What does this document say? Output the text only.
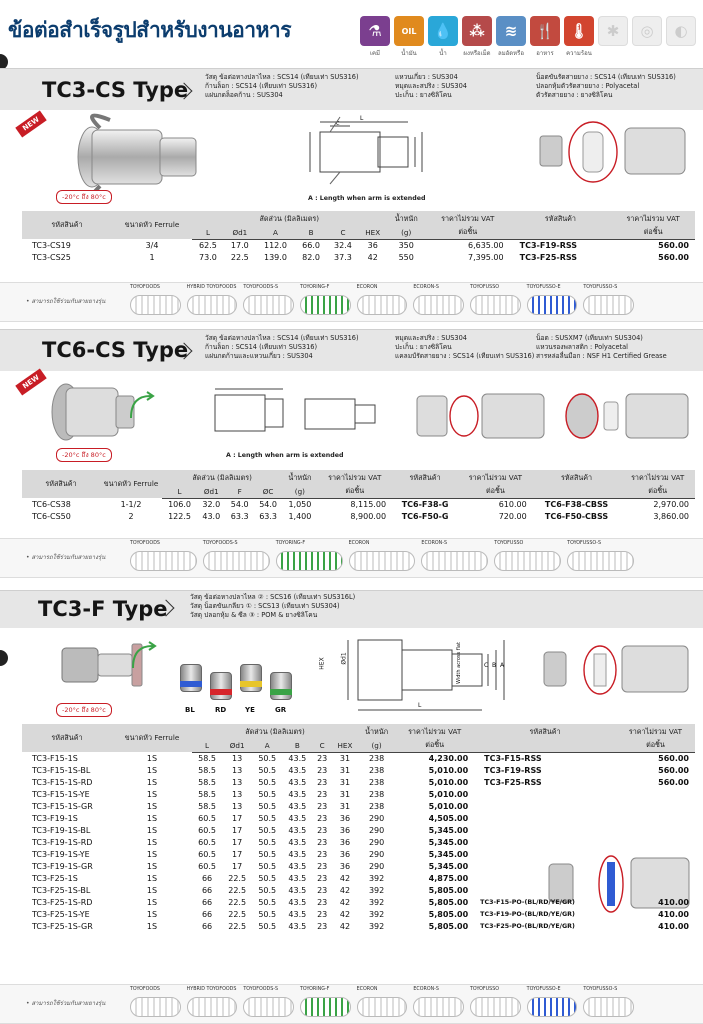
ข้อต่อสำเร็จรูปสำหรับงานอาหาร	⚗
เคมี
OIL
น้ำมัน
💧
น้ำ
⁂
ผงหรือเม็ด
≋
ลมอัดหรือ
🍴
อาหาร
🌡
ความร้อน
✱ ◎ ◐
TC3-CS Type
วัสดุ ข้อต่อหางปลาไหล : SCS14 (เทียบเท่า SUS316)
ก้านล็อก : SCS14 (เทียบเท่า SUS316)
แผ่นกดล็อคก้าน : SUS304
แหวนเกี่ยว : SUS304
หมุดและสปริง : SUS304
ปะเก็น : ยางซิลิโคน
น็อตขันรัดสายยาง : SCS14 (เทียบเท่า SUS316)
ปลอกหุ้มตัวรัดสายยาง : Polyacetal
ตัวรัดสายยาง : ยางซิลิโคน
NEW
-20°c ถึง 80°c
L
C
A : Length when arm is extended
รหัสสินค้า	ขนาดหัว Ferrule	สัดส่วน (มิลลิเมตร)						น้ำหนัก	ราคาไม่รวม VAT	รหัสสินค้า	ราคาไม่รวม VAT
		L	Ød1	A	B	C	HEX	(g)	ต่อชิ้น		ต่อชิ้น
TC3-CS19	3/4	62.5	17.0	112.0	66.0	32.4	36	350	6,635.00	TC3-F19-RSS	560.00
TC3-CS25	1	73.0	22.5	139.0	82.0	37.3	42	550	7,395.00	TC3-F25-RSS	560.00
• สามารถใช้ร่วมกับสายยางรุ่น
TOYOFOODS	HYBRID TOYOFOODS TOYOFOODS-S	TOYORING-F	ECORON	ECORON-S	TOYOFUSSO	TOYOFUSSO-E	TOYOFUSSO-S
TC6-CS Type	วัสดุ ข้อต่อหางปลาไหล : SCS14 (เทียบเท่า SUS316)
ก้านล็อก : SCS14 (เทียบเท่า SUS316)
แผ่นกดก้านและแหวนเกี่ยว : SUS304
หมุดและสปริง : SUS304
ปะเก็น : ยางซิลิโคน
แคลมป์รัดสายยาง : SCS14 (เทียบเท่า SUS316)
น็อต : SUSXM7 (เทียบเท่า SUS304)
แหวนรองพลาสติก : Polyacetal
สารหล่อลื่นมือก : NSF H1 Certified Grease
NEW
-20°c ถึง 80°c	A : Length when arm is extended
รหัสสินค้า	ขนาดหัว Ferrule	สัดส่วน (มิลลิเมตร)				น้ำหนัก	ราคาไม่รวม VAT	รหัสสินค้า	ราคาไม่รวม VAT	รหัสสินค้า	ราคาไม่รวม VAT
		L	Ød1	F	ØC	(g)	ต่อชิ้น		ต่อชิ้น		ต่อชิ้น
TC6-CS38	1-1/2	106.0	32.0	54.0	54.0	1,050	8,115.00	TC6-F38-G	610.00	TC6-F38-CBSS	2,970.00
TC6-CS50	2	122.5	43.0	63.3	63.3	1,400	8,900.00	TC6-F50-G	720.00	TC6-F50-CBSS	3,860.00
• สามารถใช้ร่วมกับสายยางรุ่น
TOYOFOODS	TOYOFOODS-S	TOYORING-F	ECORON	ECORON-S	TOYOFUSSO	TOYOFUSSO-S
TC3-F Type	วัสดุ ข้อต่อหางปลาไหล ② : SCS16 (เทียบเท่า SUS316L)
วัสดุ น็อตขันเกลียว ① : SCS13 (เทียบเท่า SUS304)
วัสดุ ปลอกหุ้ม & ซีล ③ : POM & ยางซิลิโคน
-20°c ถึง 80°c	BL	RD	YE	GR
HEX Ød1	Width across flat	C B A
L
รหัสสินค้า	ขนาดหัว Ferrule	สัดส่วน (มิลลิเมตร)						น้ำหนัก	ราคาไม่รวม VAT	รหัสสินค้า	ราคาไม่รวม VAT
		L	Ød1	A	B	C	HEX	(g)	ต่อชิ้น		ต่อชิ้น
TC3-F15-1S	1S	58.5	13	50.5	43.5	23	31	238	4,230.00	TC3-F15-RSS	560.00
TC3-F15-1S-BL	1S	58.5	13	50.5	43.5	23	31	238	5,010.00	TC3-F19-RSS	560.00
TC3-F15-1S-RD	1S	58.5	13	50.5	43.5	23	31	238	5,010.00	TC3-F25-RSS	560.00
TC3-F15-1S-YE	1S	58.5	13	50.5	43.5	23	31	238	5,010.00		
TC3-F15-1S-GR	1S	58.5	13	50.5	43.5	23	31	238	5,010.00		
TC3-F19-1S	1S	60.5	17	50.5	43.5	23	36	290	4,505.00		
TC3-F19-1S-BL	1S	60.5	17	50.5	43.5	23	36	290	5,345.00		
TC3-F19-1S-RD	1S	60.5	17	50.5	43.5	23	36	290	5,345.00		
TC3-F19-1S-YE	1S	60.5	17	50.5	43.5	23	36	290	5,345.00		
TC3-F19-1S-GR	1S	60.5	17	50.5	43.5	23	36	290	5,345.00		
TC3-F25-1S	1S	66	22.5	50.5	43.5	23	42	392	4,875.00		
TC3-F25-1S-BL	1S	66	22.5	50.5	43.5	23	42	392	5,805.00		
TC3-F25-1S-RD	1S	66	22.5	50.5	43.5	23	42	392	5,805.00	TC3-F15-PO-(BL/RD/YE/GR)	410.00
TC3-F25-1S-YE	1S	66	22.5	50.5	43.5	23	42	392	5,805.00	TC3-F19-PO-(BL/RD/YE/GR)	410.00
TC3-F25-1S-GR	1S	66	22.5	50.5	43.5	23	42	392	5,805.00	TC3-F25-PO-(BL/RD/YE/GR)	410.00
• สามารถใช้ร่วมกับสายยางรุ่น
TOYOFOODS	HYBRID TOYOFOODS TOYOFOODS-S	TOYORING-F	ECORON	ECORON-S	TOYOFUSSO	TOYOFUSSO-E	TOYOFUSSO-S
